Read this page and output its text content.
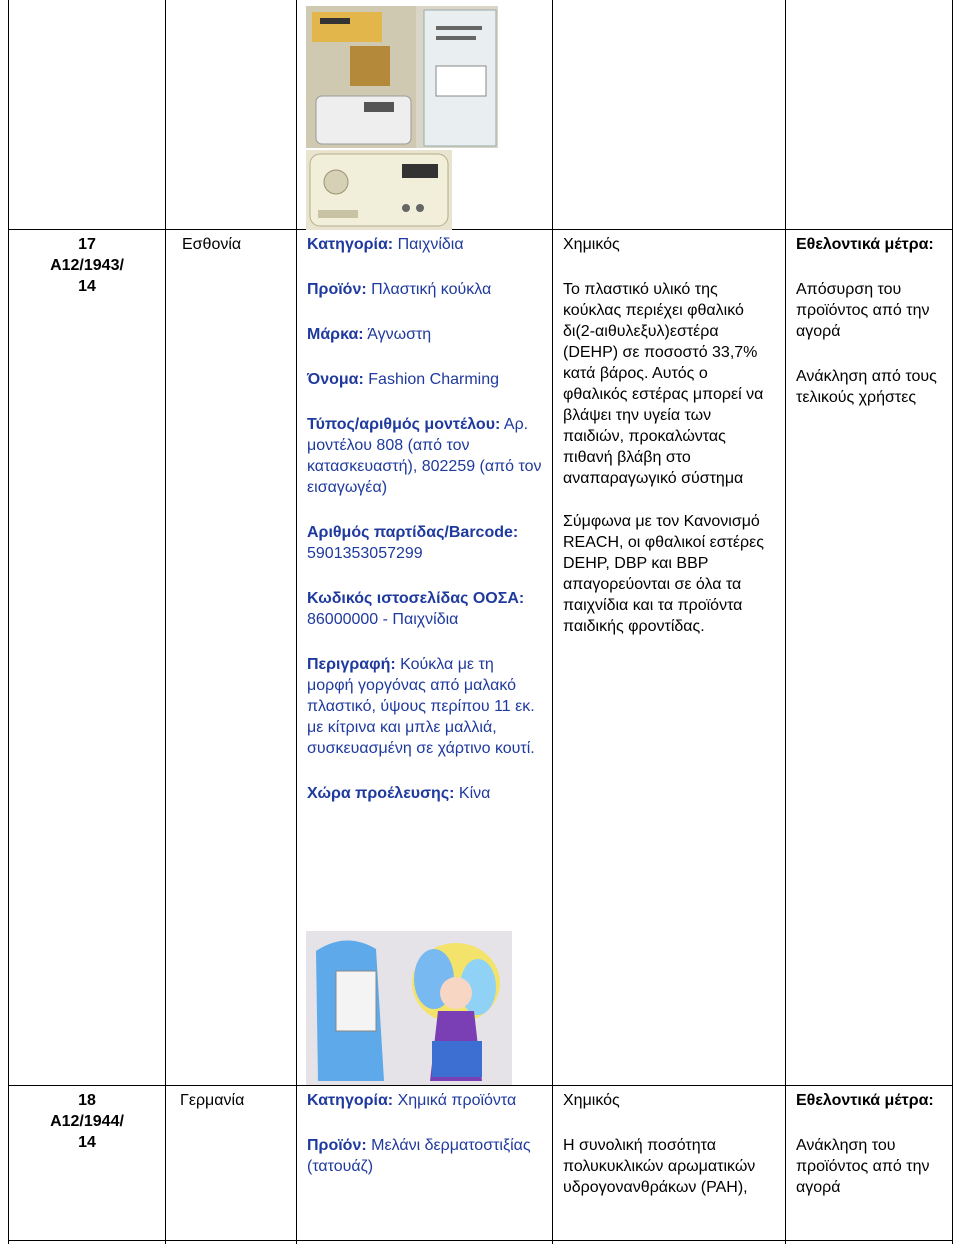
17
A12/1943/
14
Εσθονία	Κατηγορία: Παιχνίδια

Προϊόν: Πλαστική κούκλα

Μάρκα: Άγνωστη

Όνομα: Fashion Charming

Τύπος/αριθμός μοντέλου: Αρ. μοντέλου 808 (από τον κατασκευαστή), 802259 (από τον εισαγωγέα)

Αριθμός παρτίδας/Barcode: 5901353057299

Κωδικός ιστοσελίδας ΟΟΣΑ: 86000000 - Παιχνίδια

Περιγραφή: Κούκλα με τη μορφή γοργόνας από μαλακό πλαστικό, ύψους περίπου 11 εκ. με κίτρινα και μπλε μαλλιά, συσκευασμένη σε χάρτινο κουτί.

Χώρα προέλευσης: Κίνα

Χημικός

Το πλαστικό υλικό της κούκλας περιέχει φθαλικό δι(2-αιθυλεξυλ)εστέρα (DEHP) σε ποσοστό 33,7% κατά βάρος. Αυτός ο φθαλικός εστέρας μπορεί να βλάψει την υγεία των παιδιών, προκαλώντας πιθανή βλάβη στο αναπαραγωγικό σύστημα

Σύμφωνα με τον Κανονισμό REACH, οι φθαλικοί εστέρες DEHP, DBP και BBP απαγορεύονται σε όλα τα παιχνίδια και τα προϊόντα παιδικής φροντίδας.

Εθελοντικά μέτρα:

Απόσυρση του προϊόντος από την αγορά

Ανάκληση από τους τελικούς χρήστες

18
A12/1944/
14
Γερμανία	Κατηγορία: Χημικά προϊόντα

Προϊόν: Μελάνι δερματοστιξίας (τατουάζ)

Χημικός

Η συνολική ποσότητα πολυκυκλικών αρωματικών υδρογονανθράκων (PAH),

Εθελοντικά μέτρα:

Ανάκληση του προϊόντος από την αγορά
